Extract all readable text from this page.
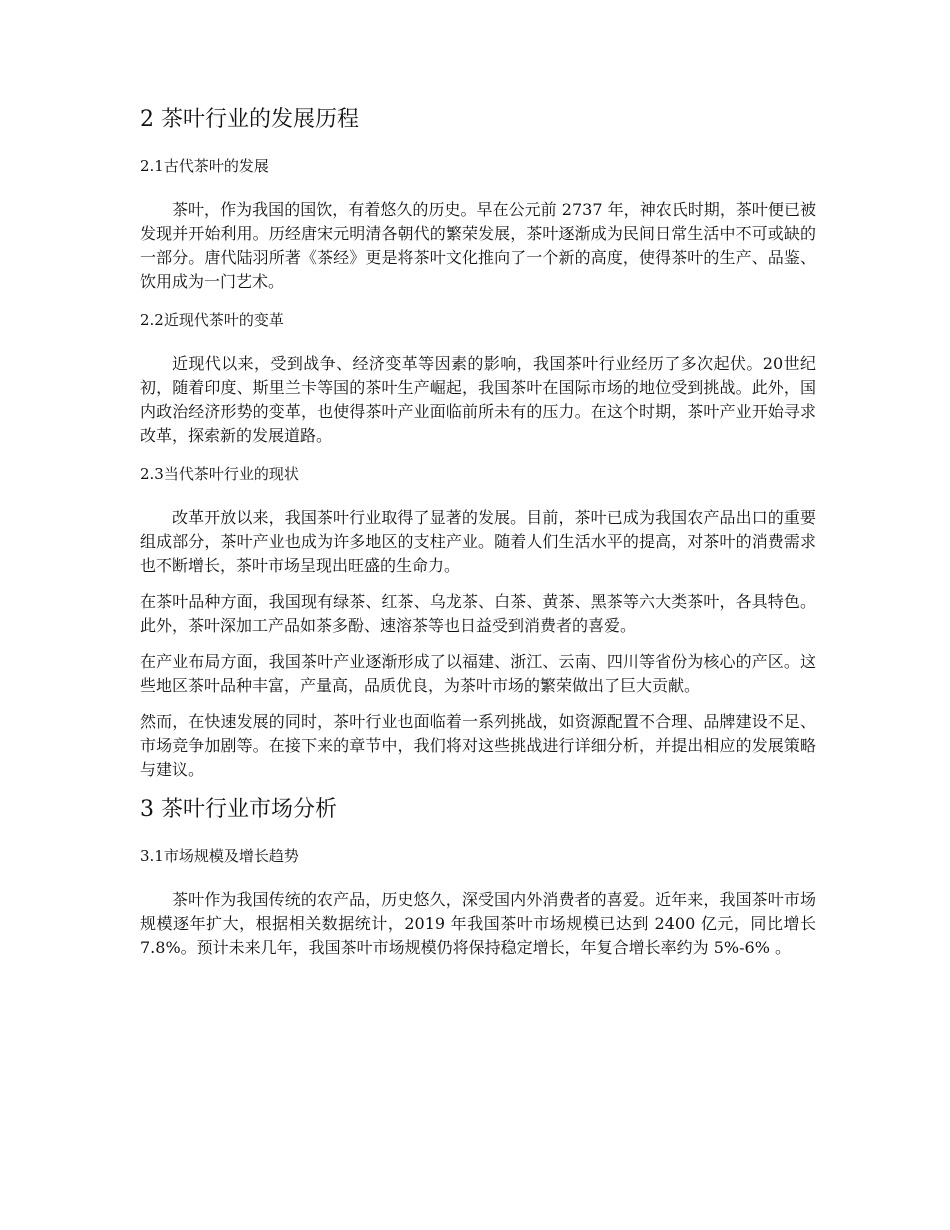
2 茶叶行业的发展历程
2.1古代茶叶的发展

茶叶，作为我国的国饮，有着悠久的历史。早在公元前 2737 年，神农氏时期，茶叶便已被发现并开始利用。历经唐宋元明清各朝代的繁荣发展，茶叶逐渐成为民间日常生活中不可或缺的一部分。唐代陆羽所著《茶经》更是将茶叶文化推向了一个新的高度，使得茶叶的生产、品鉴、饮用成为一门艺术。

2.2近现代茶叶的变革

近现代以来，受到战争、经济变革等因素的影响，我国茶叶行业经历了多次起伏。20世纪初，随着印度、斯里兰卡等国的茶叶生产崛起，我国茶叶在国际市场的地位受到挑战。此外，国内政治经济形势的变革，也使得茶叶产业面临前所未有的压力。在这个时期，茶叶产业开始寻求改革，探索新的发展道路。

2.3当代茶叶行业的现状

改革开放以来，我国茶叶行业取得了显著的发展。目前，茶叶已成为我国农产品出口的重要组成部分，茶叶产业也成为许多地区的支柱产业。随着人们生活水平的提高，对茶叶的消费需求也不断增长，茶叶市场呈现出旺盛的生命力。

在茶叶品种方面，我国现有绿茶、红茶、乌龙茶、白茶、黄茶、黑茶等六大类茶叶，各具特色。此外，茶叶深加工产品如茶多酚、速溶茶等也日益受到消费者的喜爱。

在产业布局方面，我国茶叶产业逐渐形成了以福建、浙江、云南、四川等省份为核心的产区。这些地区茶叶品种丰富，产量高，品质优良，为茶叶市场的繁荣做出了巨大贡献。

然而，在快速发展的同时，茶叶行业也面临着一系列挑战，如资源配置不合理、品牌建设不足、市场竞争加剧等。在接下来的章节中，我们将对这些挑战进行详细分析，并提出相应的发展策略与建议。

3 茶叶行业市场分析
3.1市场规模及增长趋势

茶叶作为我国传统的农产品，历史悠久，深受国内外消费者的喜爱。近年来，我国茶叶市场规模逐年扩大，根据相关数据统计，2019 年我国茶叶市场规模已达到 2400 亿元，同比增长 7.8%。预计未来几年，我国茶叶市场规模仍将保持稳定增长，年复合增长率约为 5%-6% 。
